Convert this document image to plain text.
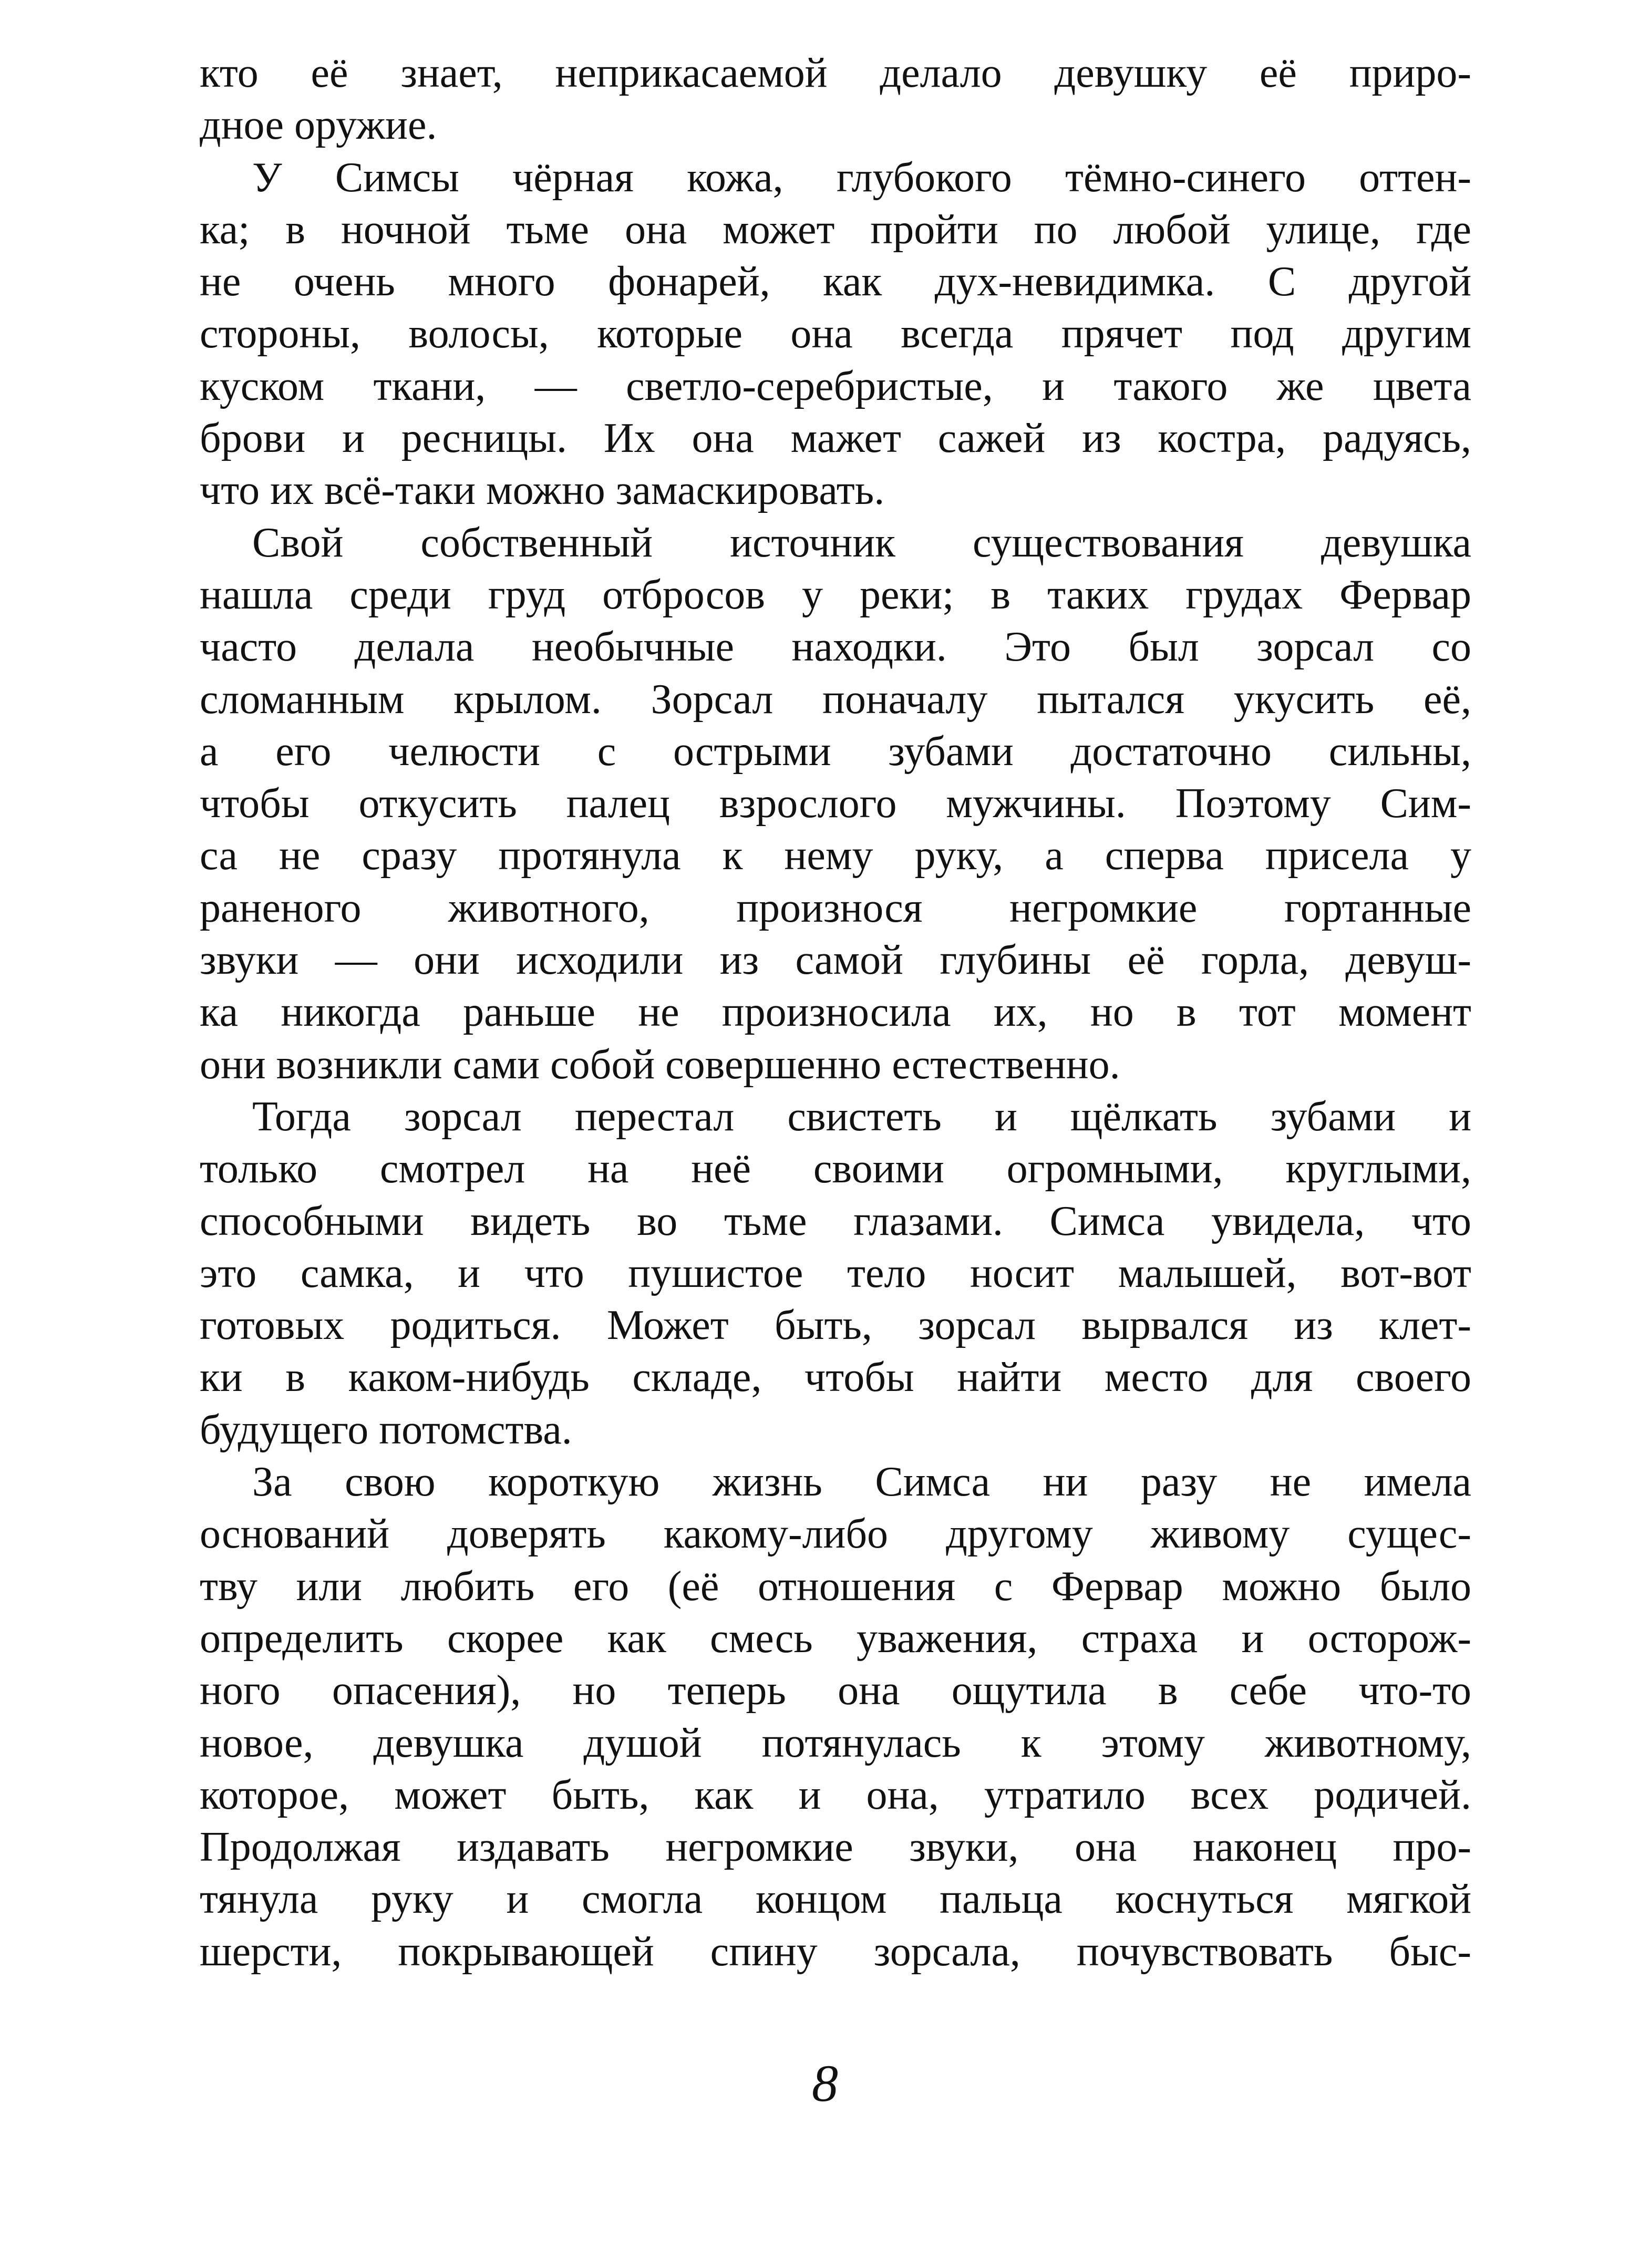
кто её знает, неприкасаемой делало девушку её приро-
дное оружие.
У Симсы чёрная кожа, глубокого тёмно-синего оттен-
ка; в ночной тьме она может пройти по любой улице, где
не очень много фонарей, как дух-невидимка. С другой
стороны, волосы, которые она всегда прячет под другим
куском ткани, — светло-серебристые, и такого же цвета
брови и ресницы. Их она мажет сажей из костра, радуясь,
что их всё-таки можно замаскировать.
Свой собственный источник существования девушка
нашла среди груд отбросов у реки; в таких грудах Фервар
часто делала необычные находки. Это был зорсал со
сломанным крылом. Зорсал поначалу пытался укусить её,
а его челюсти с острыми зубами достаточно сильны,
чтобы откусить палец взрослого мужчины. Поэтому Сим-
са не сразу протянула к нему руку, а сперва присела у
раненого животного, произнося негромкие гортанные
звуки — они исходили из самой глубины её горла, девуш-
ка никогда раньше не произносила их, но в тот момент
они возникли сами собой совершенно естественно.
Тогда зорсал перестал свистеть и щёлкать зубами и
только смотрел на неё своими огромными, круглыми,
способными видеть во тьме глазами. Симса увидела, что
это самка, и что пушистое тело носит малышей, вот-вот
готовых родиться. Может быть, зорсал вырвался из клет-
ки в каком-нибудь складе, чтобы найти место для своего
будущего потомства.
За свою короткую жизнь Симса ни разу не имела
оснований доверять какому-либо другому живому сущес-
тву или любить его (её отношения с Фервар можно было
определить скорее как смесь уважения, страха и осторож-
ного опасения), но теперь она ощутила в себе что-то
новое, девушка душой потянулась к этому животному,
которое, может быть, как и она, утратило всех родичей.
Продолжая издавать негромкие звуки, она наконец про-
тянула руку и смогла концом пальца коснуться мягкой
шерсти, покрывающей спину зорсала, почувствовать быс-
8
